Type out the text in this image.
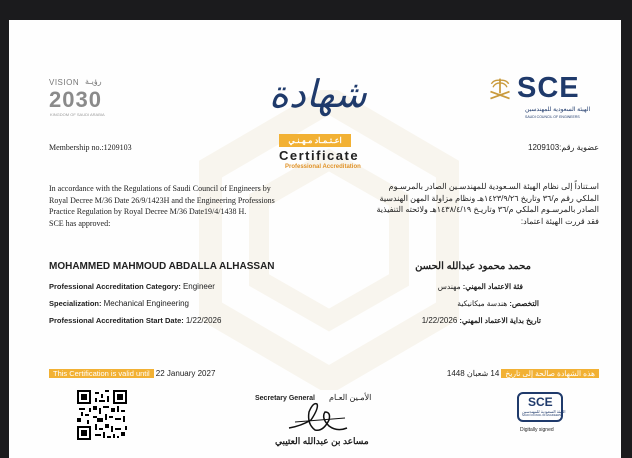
VISION رؤيـة
2030
KINGDOM OF SAUDI ARABIA
SCE
الهيئة السعودية للمهندسين
SAUDI COUNCIL OF ENGINEERS
شهادة
اعـتـمـاد مـهـنـي
Certificate
Professional Accreditation
Membership no.:1209103	عضوية رقم:1209103
In accordance with the Regulations of Saudi Council of Engineers by
Royal Decree M/36 Date 26/9/1423H and the Engineering Professions
Practice Regulation by Royal Decree M/36 Date19/4/1438 H.
SCE has approved:
اسـتناداً إلى نظام الهيئة السـعودية للمهندسـين الصادر بالمرسـوم
الملكي رقم م/٣٦ وتاريخ ١٤٢٣/٩/٢٦هـ ونظام مزاولة المهن الهندسية
الصادر بالمرسـوم الملكي م/٣٦ وتاريـخ ١٤٣٨/٤/١٩هـ ولائحته التنفيذية
فقد قررت الهيئة اعتماد:
MOHAMMED MAHMOUD ABDALLA ALHASSAN	محمد محمود عبدالله الحسن
Professional Accreditation Category: Engineer
Specialization: Mechanical Engineering
Professional Accreditation Start Date: 1/22/2026
فئة الاعتماد المهني: مهندس
التخصص: هندسة ميكانيكية
تاريخ بداية الاعتماد المهني: 1/22/2026
This Certification is valid until 22 January 2027	هذه الشهادة صالحة إلى تاريخ 14 شعبان 1448
Secretary General الأمـين العـام
مساعد بن عبدالله العتيبي
SCE
الهيئة السعودية للمهندسين
SAUDI COUNCIL OF ENGINEERS
Digitally signed
